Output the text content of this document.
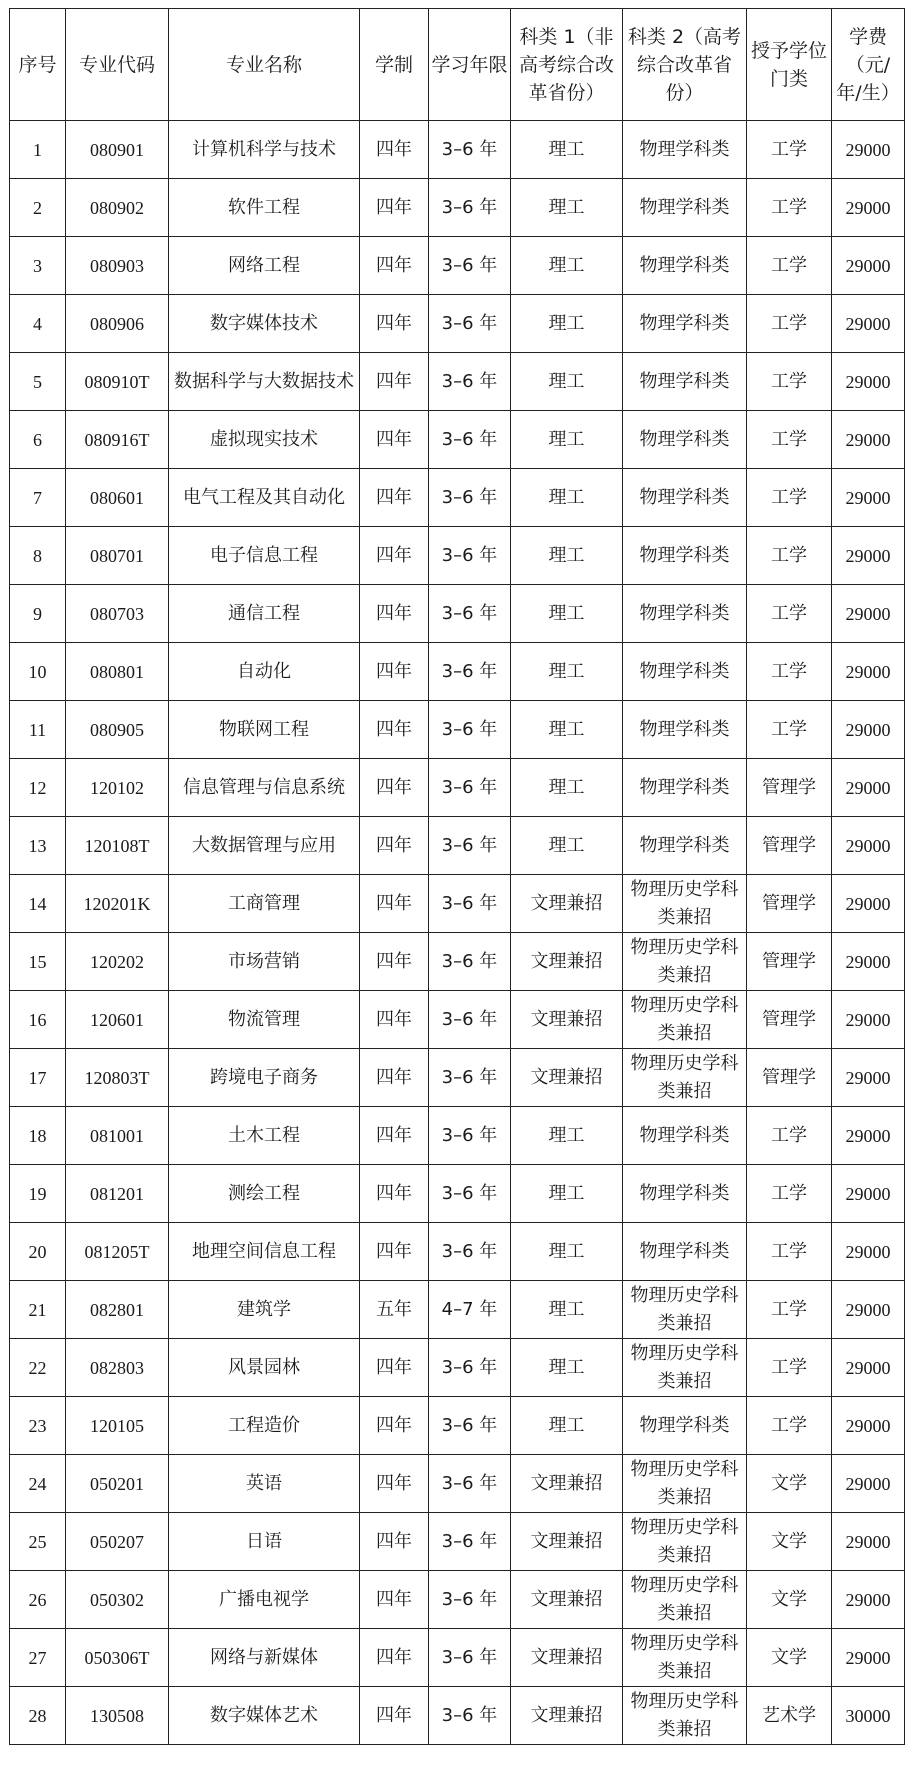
序号	专业代码	专业名称	学制	学习年限	科类 1（非高考综合改革省份）	科类 2（高考综合改革省份）	授予学位门类	学费（元/年/生）
1	080901	计算机科学与技术	四年	3–6 年	理工	物理学科类	工学	29000
2	080902	软件工程	四年	3–6 年	理工	物理学科类	工学	29000
3	080903	网络工程	四年	3–6 年	理工	物理学科类	工学	29000
4	080906	数字媒体技术	四年	3–6 年	理工	物理学科类	工学	29000
5	080910T	数据科学与大数据技术	四年	3–6 年	理工	物理学科类	工学	29000
6	080916T	虚拟现实技术	四年	3–6 年	理工	物理学科类	工学	29000
7	080601	电气工程及其自动化	四年	3–6 年	理工	物理学科类	工学	29000
8	080701	电子信息工程	四年	3–6 年	理工	物理学科类	工学	29000
9	080703	通信工程	四年	3–6 年	理工	物理学科类	工学	29000
10	080801	自动化	四年	3–6 年	理工	物理学科类	工学	29000
11	080905	物联网工程	四年	3–6 年	理工	物理学科类	工学	29000
12	120102	信息管理与信息系统	四年	3–6 年	理工	物理学科类	管理学	29000
13	120108T	大数据管理与应用	四年	3–6 年	理工	物理学科类	管理学	29000
14	120201K	工商管理	四年	3–6 年	文理兼招	物理历史学科类兼招	管理学	29000
15	120202	市场营销	四年	3–6 年	文理兼招	物理历史学科类兼招	管理学	29000
16	120601	物流管理	四年	3–6 年	文理兼招	物理历史学科类兼招	管理学	29000
17	120803T	跨境电子商务	四年	3–6 年	文理兼招	物理历史学科类兼招	管理学	29000
18	081001	土木工程	四年	3–6 年	理工	物理学科类	工学	29000
19	081201	测绘工程	四年	3–6 年	理工	物理学科类	工学	29000
20	081205T	地理空间信息工程	四年	3–6 年	理工	物理学科类	工学	29000
21	082801	建筑学	五年	4–7 年	理工	物理历史学科类兼招	工学	29000
22	082803	风景园林	四年	3–6 年	理工	物理历史学科类兼招	工学	29000
23	120105	工程造价	四年	3–6 年	理工	物理学科类	工学	29000
24	050201	英语	四年	3–6 年	文理兼招	物理历史学科类兼招	文学	29000
25	050207	日语	四年	3–6 年	文理兼招	物理历史学科类兼招	文学	29000
26	050302	广播电视学	四年	3–6 年	文理兼招	物理历史学科类兼招	文学	29000
27	050306T	网络与新媒体	四年	3–6 年	文理兼招	物理历史学科类兼招	文学	29000
28	130508	数字媒体艺术	四年	3–6 年	文理兼招	物理历史学科类兼招	艺术学	30000
